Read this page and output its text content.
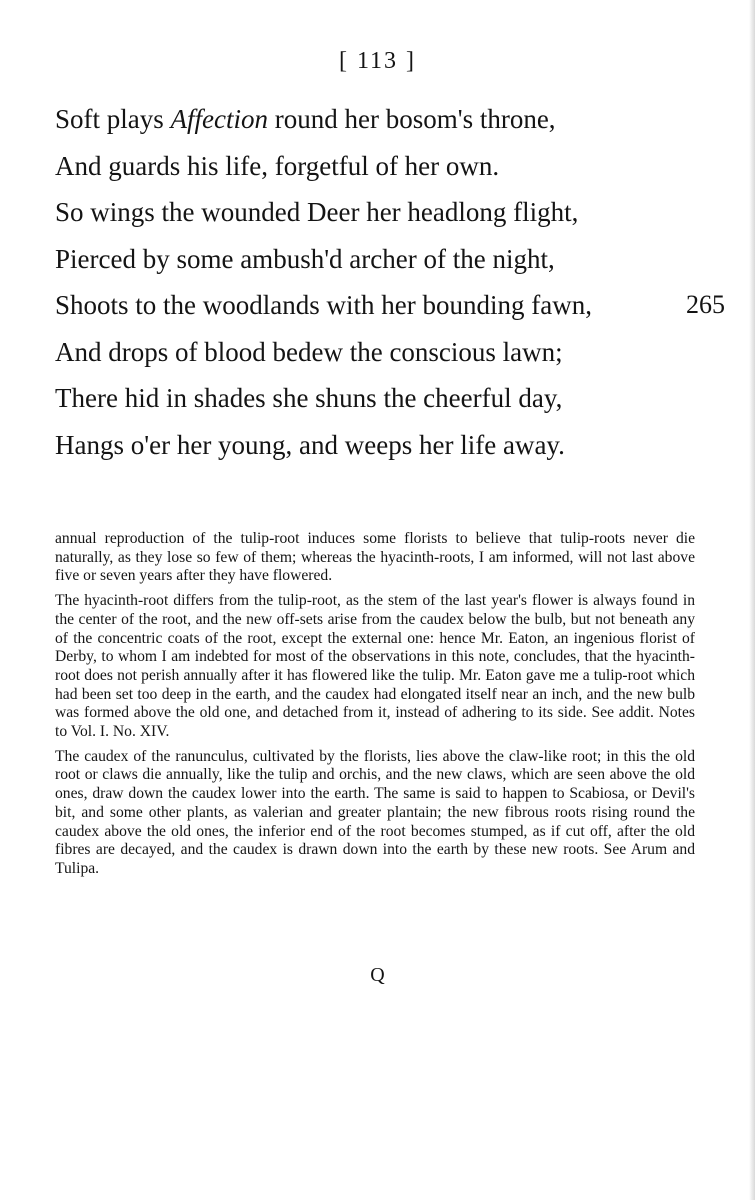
[ 113 ]
Soft plays Affection round her bosom's throne,
And guards his life, forgetful of her own.
So wings the wounded Deer her headlong flight,
Pierced by some ambush'd archer of the night,
Shoots to the woodlands with her bounding fawn,	265
And drops of blood bedew the conscious lawn;
There hid in shades she shuns the cheerful day,
Hangs o'er her young, and weeps her life away.

annual reproduction of the tulip-root induces some florists to believe that tulip-roots never die naturally, as they lose so few of them; whereas the hyacinth-roots, I am informed, will not last above five or seven years after they have flowered.

The hyacinth-root differs from the tulip-root, as the stem of the last year's flower is always found in the center of the root, and the new off-sets arise from the caudex below the bulb, but not beneath any of the concentric coats of the root, except the external one: hence Mr. Eaton, an ingenious florist of Derby, to whom I am indebted for most of the observations in this note, concludes, that the hyacinth-root does not perish annually after it has flowered like the tulip. Mr. Eaton gave me a tulip-root which had been set too deep in the earth, and the caudex had elongated itself near an inch, and the new bulb was formed above the old one, and detached from it, instead of adhering to its side. See addit. Notes to Vol. I. No. XIV.

The caudex of the ranunculus, cultivated by the florists, lies above the claw-like root; in this the old root or claws die annually, like the tulip and orchis, and the new claws, which are seen above the old ones, draw down the caudex lower into the earth. The same is said to happen to Scabiosa, or Devil's bit, and some other plants, as valerian and greater plantain; the new fibrous roots rising round the caudex above the old ones, the inferior end of the root becomes stumped, as if cut off, after the old fibres are decayed, and the caudex is drawn down into the earth by these new roots. See Arum and Tulipa.

Q
